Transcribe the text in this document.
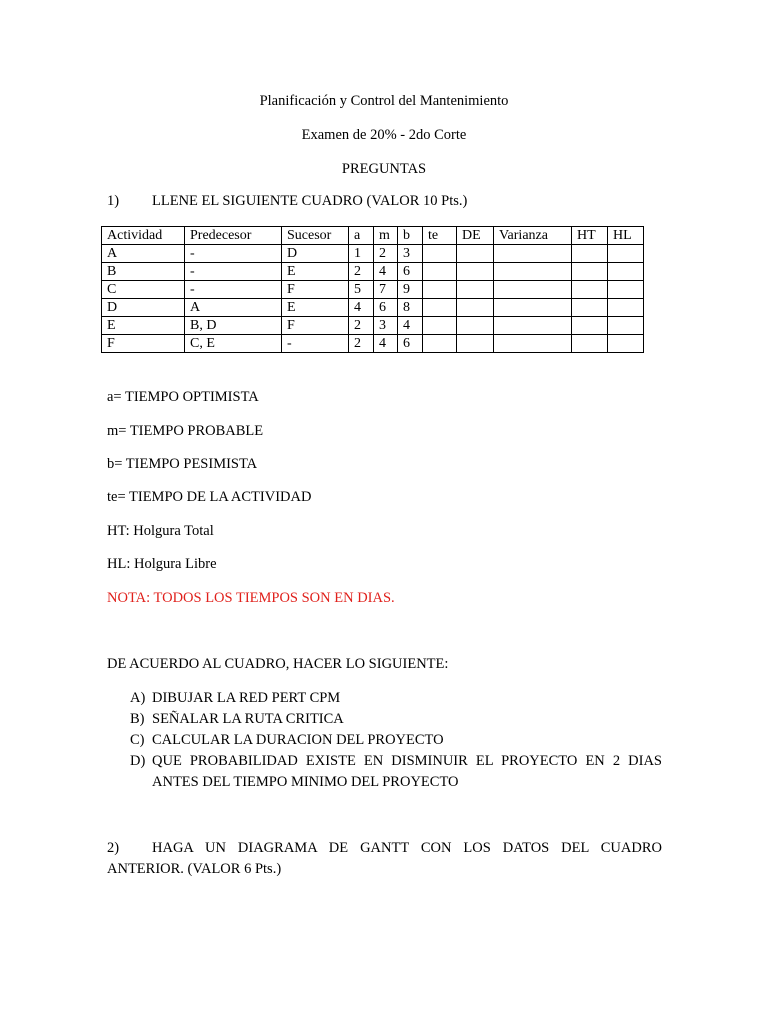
Planificación y Control del Mantenimiento
Examen de 20% - 2do Corte
PREGUNTAS
1) LLENE EL SIGUIENTE CUADRO (VALOR 10 Pts.)
Actividad	Predecesor	Sucesor	a	m	b	te	DE	Varianza	HT	HL
A	-	D	1	2	3					
B	-	E	2	4	6					
C	-	F	5	7	9					
D	A	E	4	6	8					
E	B, D	F	2	3	4					
F	C, E	-	2	4	6					
a= TIEMPO OPTIMISTA
m= TIEMPO PROBABLE
b= TIEMPO PESIMISTA
te= TIEMPO DE LA ACTIVIDAD
HT: Holgura Total
HL: Holgura Libre
NOTA: TODOS LOS TIEMPOS SON EN DIAS.
DE ACUERDO AL CUADRO, HACER LO SIGUIENTE:
A) DIBUJAR LA RED PERT CPM
B) SEÑALAR LA RUTA CRITICA
C) CALCULAR LA DURACION DEL PROYECTO
D) QUE PROBABILIDAD EXISTE EN DISMINUIR EL PROYECTO EN 2 DIAS ANTES DEL TIEMPO MINIMO DEL PROYECTO
2) HAGA UN DIAGRAMA DE GANTT CON LOS DATOS DEL CUADRO ANTERIOR. (VALOR 6 Pts.)
